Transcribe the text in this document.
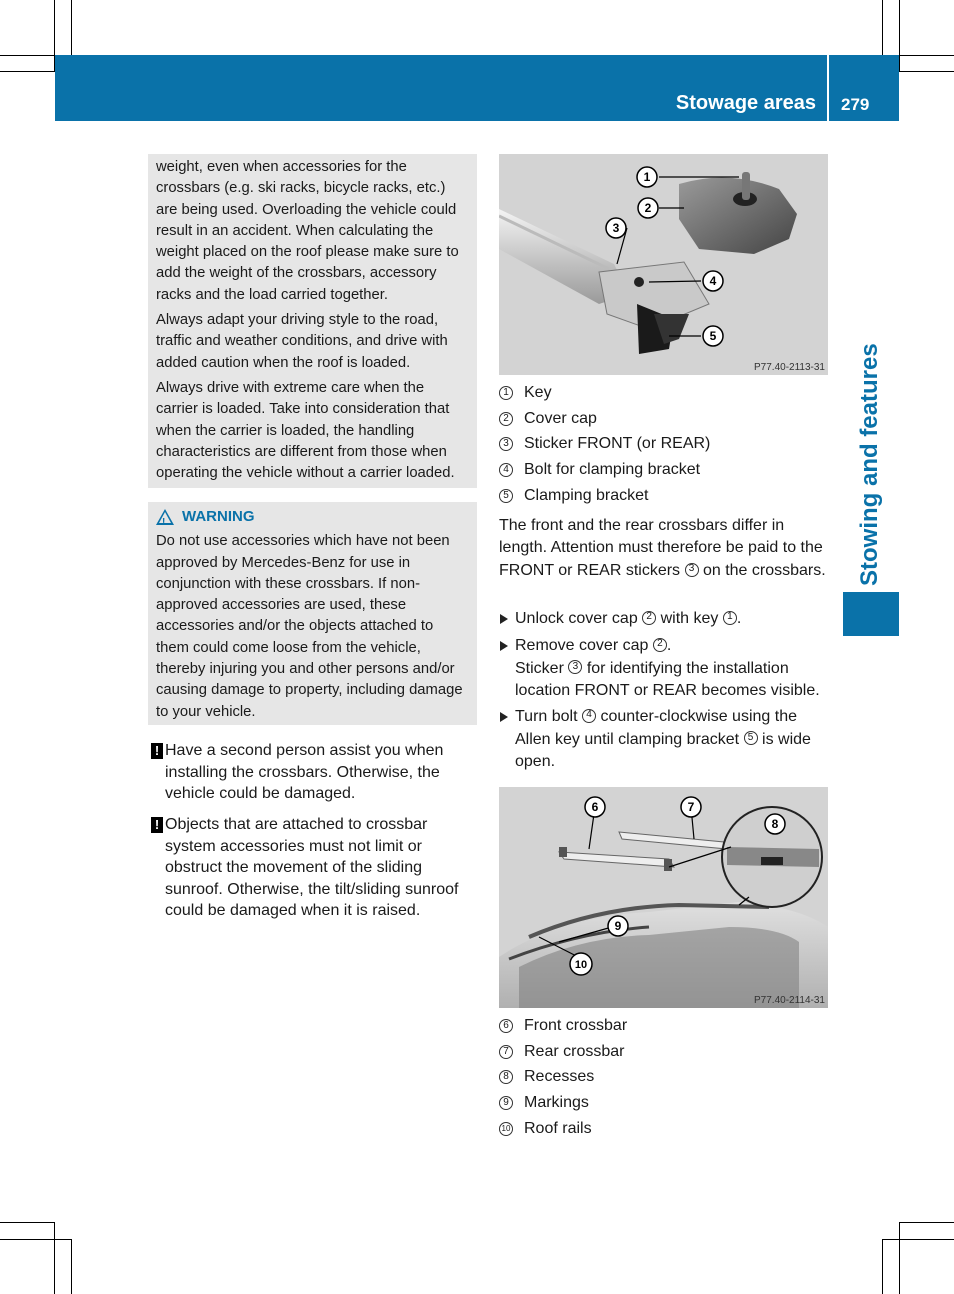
Stowage areas 279
Stowing and features

weight, even when accessories for the crossbars (e.g. ski racks, bicycle racks, etc.) are being used. Overloading the vehicle could result in an accident. When calculating the weight placed on the roof please make sure to add the weight of the crossbars, accessory racks and the load carried together.

Always adapt your driving style to the road, traffic and weather conditions, and drive with added caution when the roof is loaded.

Always drive with extreme care when the carrier is loaded. Take into consideration that when the carrier is loaded, the handling characteristics are different from those when operating the vehicle without a carrier loaded.

!
WARNING

Do not use accessories which have not been approved by Mercedes-Benz for use in conjunction with these crossbars. If non-approved accessories are used, these accessories and/or the objects attached to them could come loose from the vehicle, thereby injuring you and other persons and/or causing damage to property, including damage to your vehicle.

! Have a second person assist you when installing the crossbars. Otherwise, the vehicle could be damaged.
! Objects that are attached to crossbar system accessories must not limit or obstruct the movement of the sliding sunroof. Otherwise, the tilt/sliding sunroof could be damaged when it is raised.
1
2
3
4
5
P77.40-2113-31
1 Key
2 Cover cap
3 Sticker FRONT (or REAR)
4 Bolt for clamping bracket
5 Clamping bracket
The front and the rear crossbars differ in length. Attention must therefore be paid to the FRONT or REAR stickers 3 on the crossbars.
Unlock cover cap 2 with key 1 .
Remove cover cap 2 .
Sticker 3 for identifying the installation location FRONT or REAR becomes visible.
Turn bolt 4 counter-clockwise using the Allen key until clamping bracket 5 is wide open.
6	7
8
9
10
P77.40-2114-31
6 Front crossbar
7 Rear crossbar
8 Recesses
9 Markings
10 Roof rails
